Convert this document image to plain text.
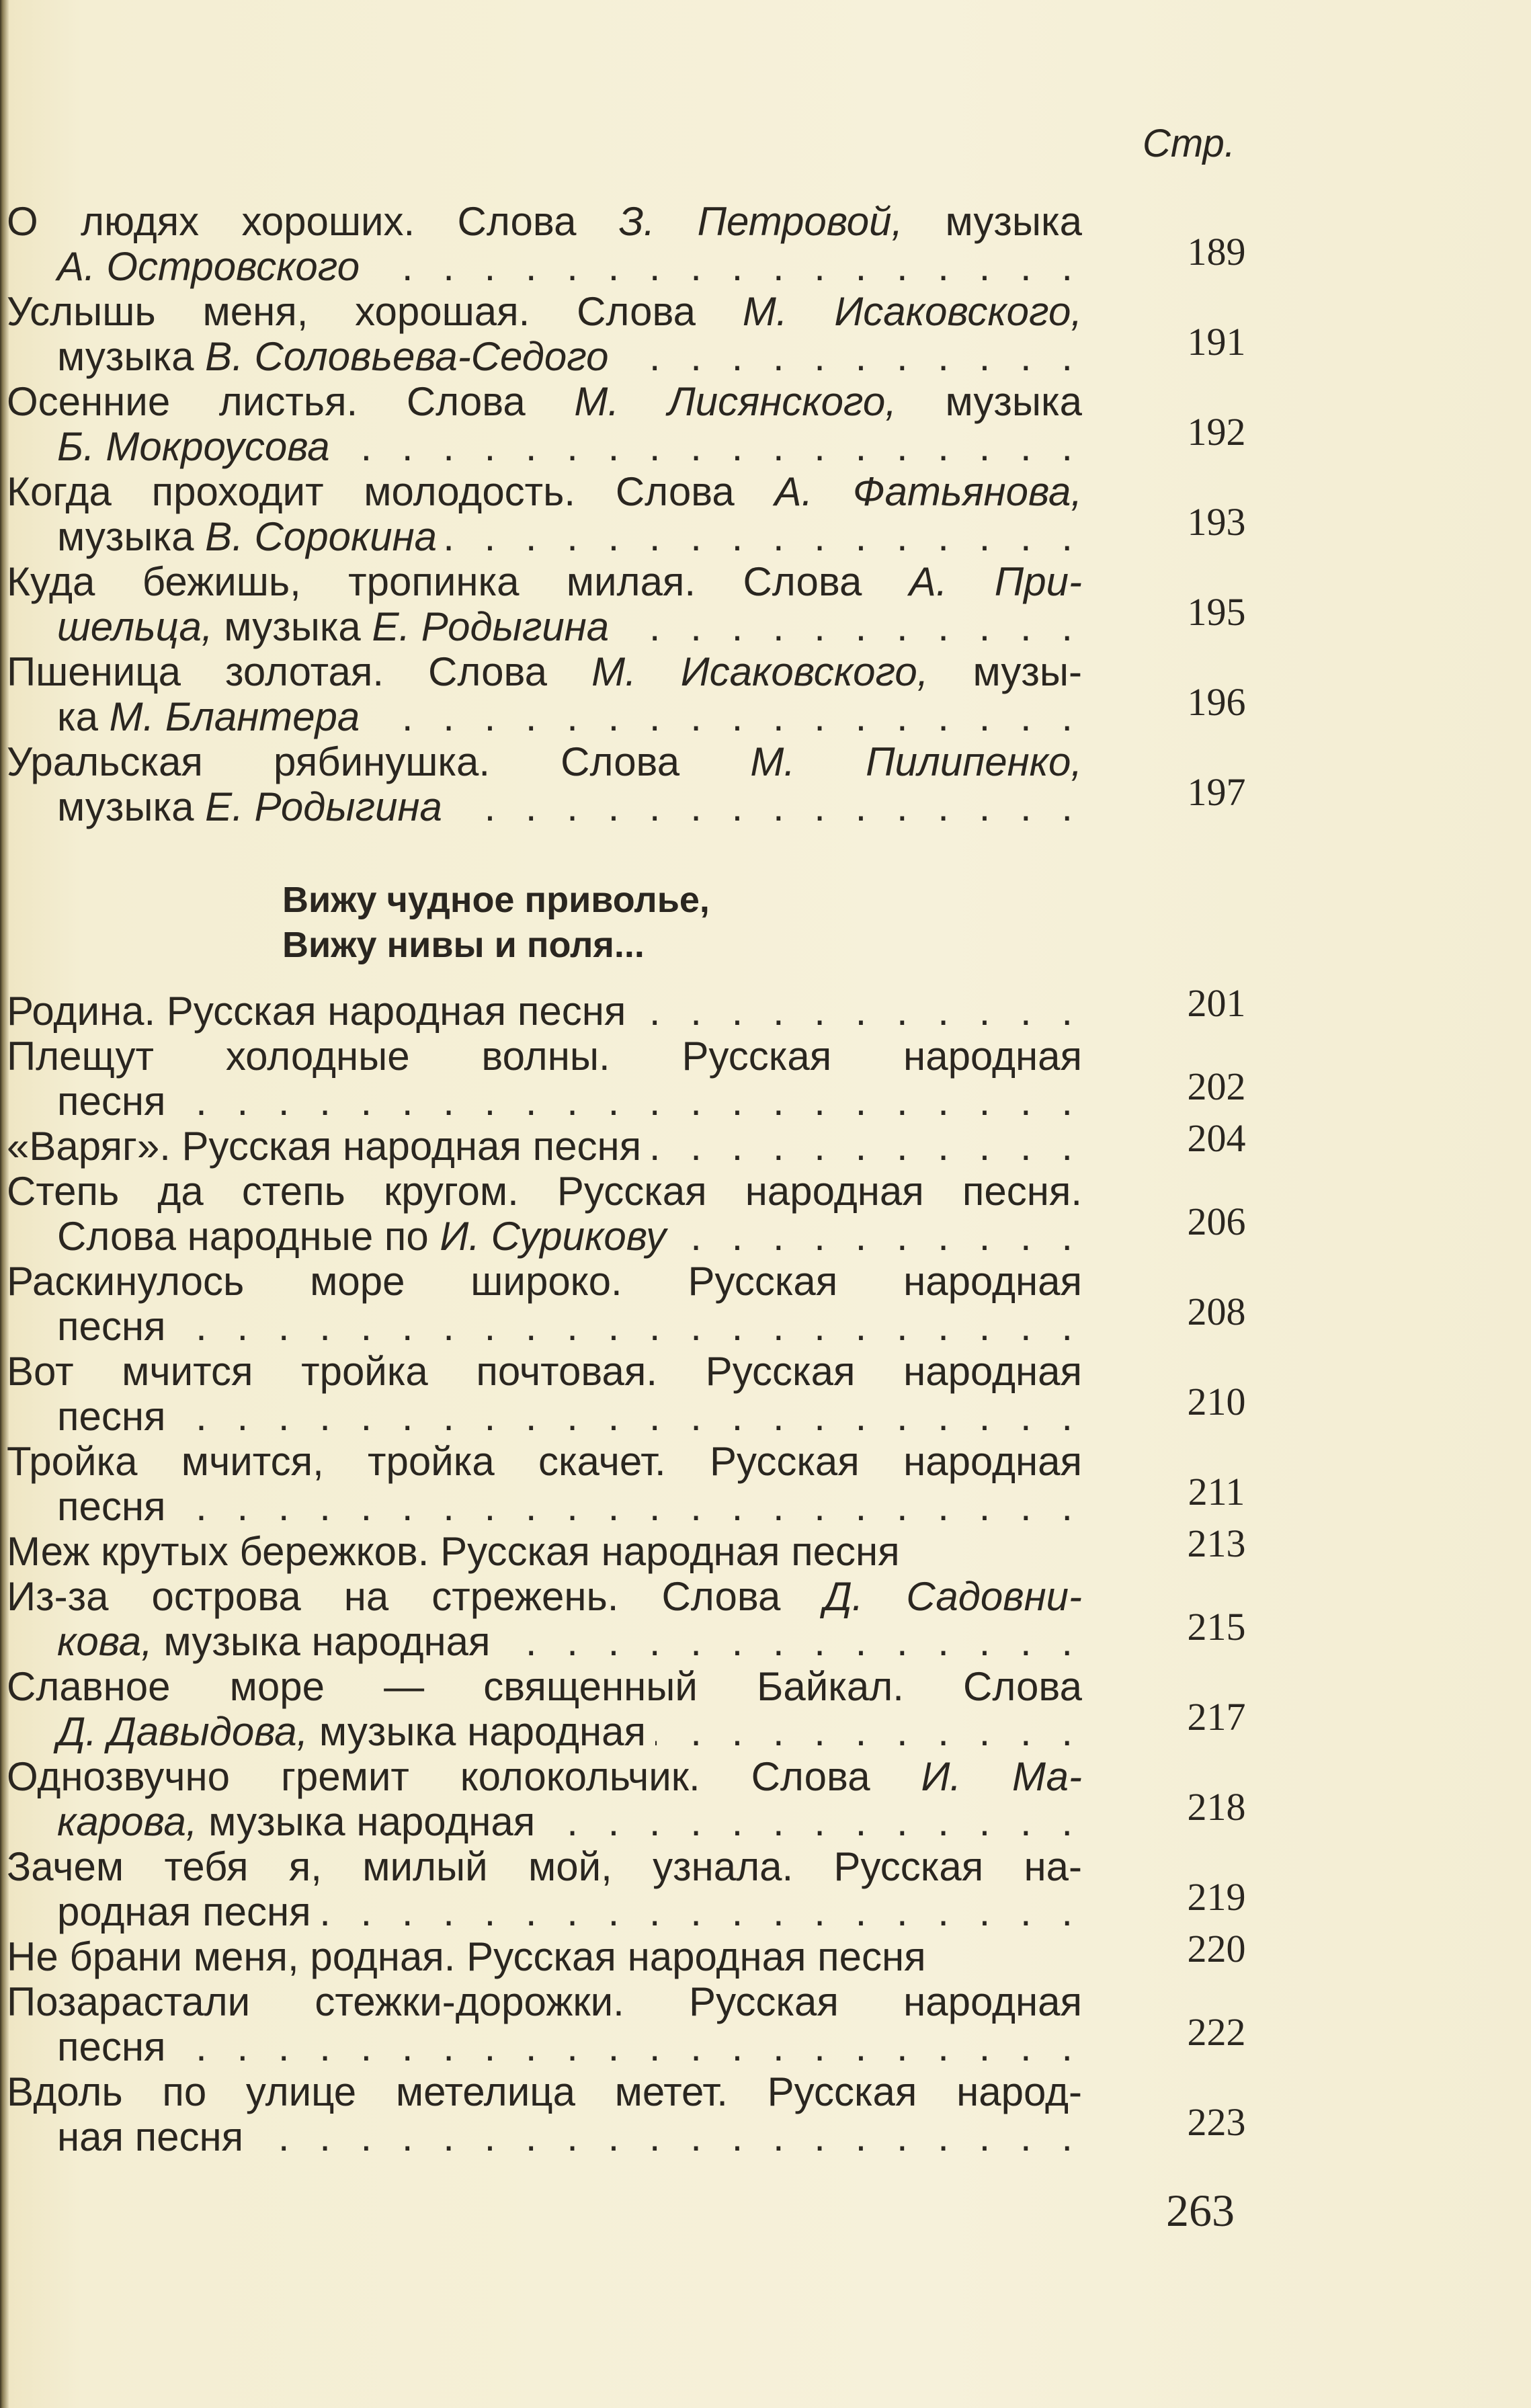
Стр.
О людях хороших. Слова З. Петровой, музыка
А. Островского . . .	189
Услышь меня, хорошая. Слова М. Исаковского,
музыка В. Соловьева-Седого . . .	191
Осенние листья. Слова М. Лисянского, музыка
Б. Мокроусова . . .	192
Когда проходит молодость. Слова А. Фатьянова,
музыка В. Сорокина . . .	193
Куда бежишь, тропинка милая. Слова А. При-
шельца, музыка Е. Родыгина . . .	195
Пшеница золотая. Слова М. Исаковского, музы-
ка М. Блантера . . .	196
Уральская рябинушка. Слова М. Пилипенко,
музыка Е. Родыгина . . .	197
Вижу чудное приволье,
Вижу нивы и поля...
Родина. Русская народная песня . . .	201
Плещут холодные волны. Русская народная
песня . . .	202
«Варяг». Русская народная песня . . .	204
Степь да степь кругом. Русская народная песня.
Слова народные по И. Сурикову . . .	206
Раскинулось море широко. Русская народная
песня . . .	208
Вот мчится тройка почтовая. Русская народная
песня . . .	210
Тройка мчится, тройка скачет. Русская народная
песня . . .	211
Меж крутых бережков. Русская народная песня	213
Из-за острова на стрежень. Слова Д. Садовни-
кова, музыка народная . . .	215
Славное море — священный Байкал. Слова
Д. Давыдова, музыка народная . . .	217
Однозвучно гремит колокольчик. Слова И. Ма-
карова, музыка народная . . .	218
Зачем тебя я, милый мой, узнала. Русская на-
родная песня . . .	219
Не брани меня, родная. Русская народная песня	220
Позарастали стежки-дорожки. Русская народная
песня . . .	222
Вдоль по улице метелица метет. Русская народ-
ная песня . . .	223
263
